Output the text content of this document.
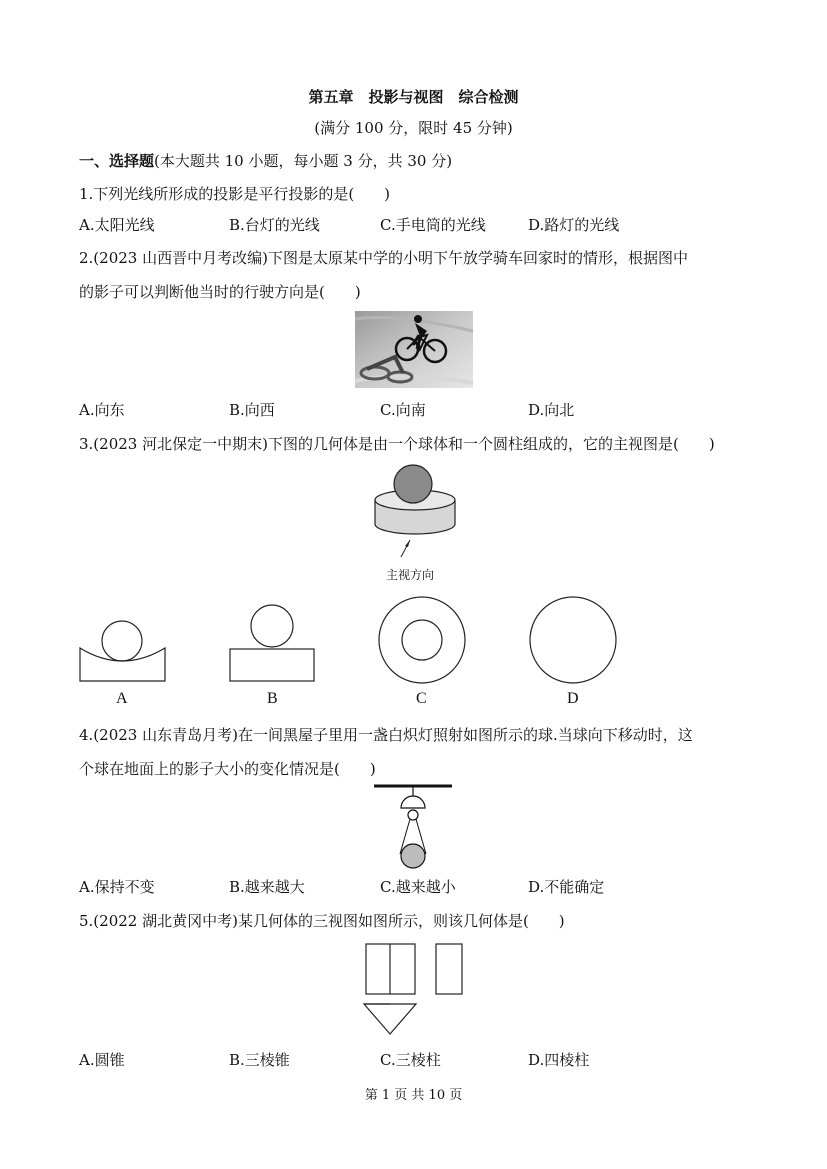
第五章　投影与视图　综合检测
(满分 100 分，限时 45 分钟)
一、选择题(本大题共 10 小题，每小题 3 分，共 30 分)
1.下列光线所形成的投影是平行投影的是(　　)
A.太阳光线	B.台灯的光线	C.手电筒的光线	D.路灯的光线
2.(2023 山西晋中月考改编)下图是太原某中学的小明下午放学骑车回家时的情形，根据图中
的影子可以判断他当时的行驶方向是(　　)
A.向东	B.向西	C.向南	D.向北
3.(2023 河北保定一中期末)下图的几何体是由一个球体和一个圆柱组成的，它的主视图是(　　)
主视方向
A	B	C	D
4.(2023 山东青岛月考)在一间黑屋子里用一盏白炽灯照射如图所示的球.当球向下移动时，这
个球在地面上的影子大小的变化情况是(　　)
A.保持不变	B.越来越大	C.越来越小	D.不能确定
5.(2022 湖北黄冈中考)某几何体的三视图如图所示，则该几何体是(　　)
A.圆锥	B.三棱锥	C.三棱柱	D.四棱柱
第 1 页 共 10 页
